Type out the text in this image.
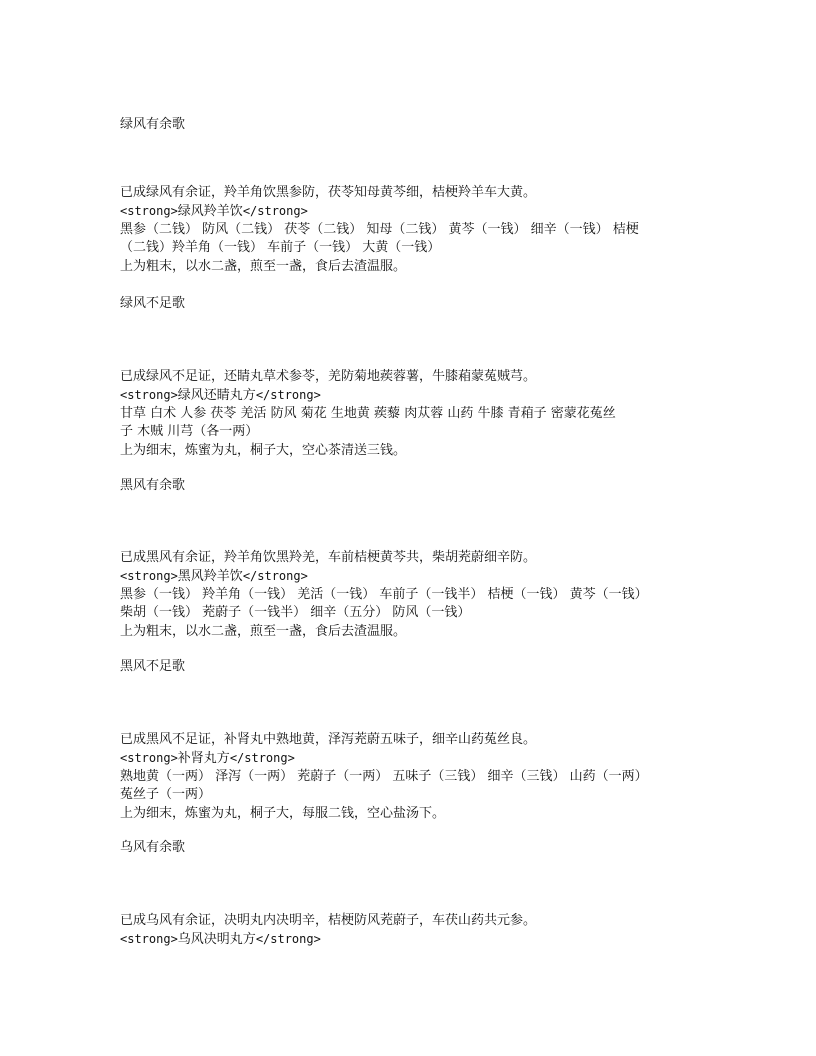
绿风有余歌
已成绿风有余证，羚羊角饮黑参防，茯苓知母黄芩细，桔梗羚羊车大黄。
<strong>绿风羚羊饮</strong>
黑参（二钱） 防风（二钱） 茯苓（二钱） 知母（二钱） 黄芩（一钱） 细辛（一钱） 桔梗
（二钱）羚羊角（一钱） 车前子（一钱） 大黄（一钱）
上为粗末，以水二盏，煎至一盏，食后去渣温服。
绿风不足歌
已成绿风不足证，还睛丸草术参苓，羌防菊地蒺蓉薯，牛膝葙蒙菟贼芎。
<strong>绿风还睛丸方</strong>
甘草 白术 人参 茯苓 羌活 防风 菊花 生地黄 蒺藜 肉苁蓉 山药 牛膝 青葙子 密蒙花菟丝
子 木贼 川芎（各一两）
上为细末，炼蜜为丸，桐子大，空心茶清送三钱。
黑风有余歌
已成黑风有余证，羚羊角饮黑羚羌，车前桔梗黄芩共，柴胡茺蔚细辛防。
<strong>黑风羚羊饮</strong>
黑参（一钱） 羚羊角（一钱） 羌活（一钱） 车前子（一钱半） 桔梗（一钱） 黄芩（一钱）
柴胡（一钱） 茺蔚子（一钱半） 细辛（五分） 防风（一钱）
上为粗末，以水二盏，煎至一盏，食后去渣温服。
黑风不足歌
已成黑风不足证，补肾丸中熟地黄，泽泻茺蔚五味子，细辛山药菟丝良。
<strong>补肾丸方</strong>
熟地黄（一两） 泽泻（一两） 茺蔚子（一两） 五味子（三钱） 细辛（三钱） 山药（一两）
菟丝子（一两）
上为细末，炼蜜为丸，桐子大，每服二钱，空心盐汤下。
乌风有余歌
已成乌风有余证，决明丸内决明辛，桔梗防风茺蔚子，车茯山药共元参。
<strong>乌风决明丸方</strong>
